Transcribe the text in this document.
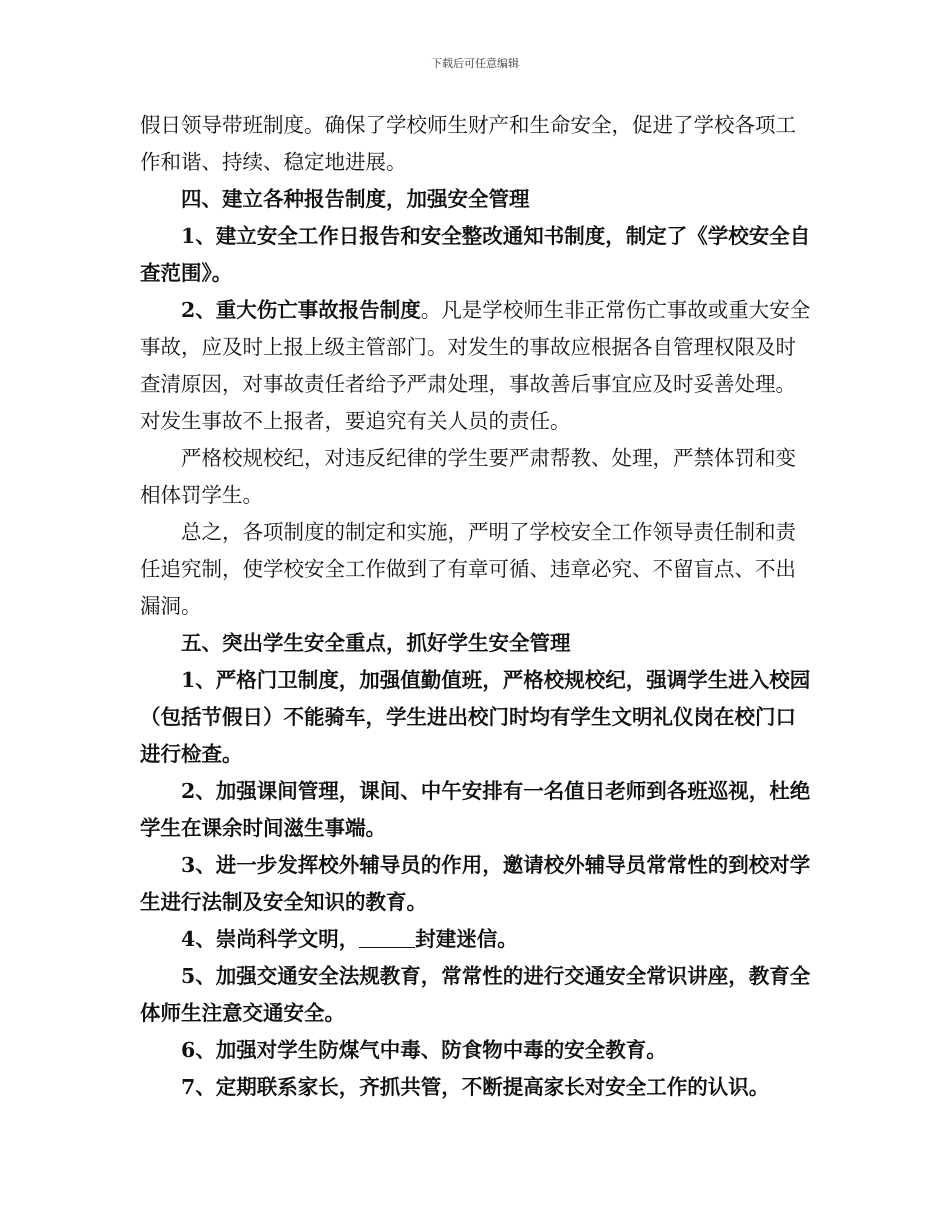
下载后可任意编辑

假日领导带班制度。确保了学校师生财产和生命安全，促进了学校各项工作和谐、持续、稳定地进展。

四、建立各种报告制度，加强安全管理

1、建立安全工作日报告和安全整改通知书制度，制定了《学校安全自查范围》。

2、重大伤亡事故报告制度。凡是学校师生非正常伤亡事故或重大安全事故，应及时上报上级主管部门。对发生的事故应根据各自管理权限及时查清原因，对事故责任者给予严肃处理，事故善后事宜应及时妥善处理。对发生事故不上报者，要追究有关人员的责任。

严格校规校纪，对违反纪律的学生要严肃帮教、处理，严禁体罚和变相体罚学生。

总之，各项制度的制定和实施，严明了学校安全工作领导责任制和责任追究制，使学校安全工作做到了有章可循、违章必究、不留盲点、不出漏洞。

五、突出学生安全重点，抓好学生安全管理

1、严格门卫制度，加强值勤值班，严格校规校纪，强调学生进入校园（包括节假日）不能骑车，学生进出校门时均有学生文明礼仪岗在校门口进行检查。

2、加强课间管理，课间、中午安排有一名值日老师到各班巡视，杜绝学生在课余时间滋生事端。

3、进一步发挥校外辅导员的作用，邀请校外辅导员常常性的到校对学生进行法制及安全知识的教育。

4、崇尚科学文明，	封建迷信。

5、加强交通安全法规教育，常常性的进行交通安全常识讲座，教育全体师生注意交通安全。

6、加强对学生防煤气中毒、防食物中毒的安全教育。

7、定期联系家长，齐抓共管，不断提高家长对安全工作的认识。
